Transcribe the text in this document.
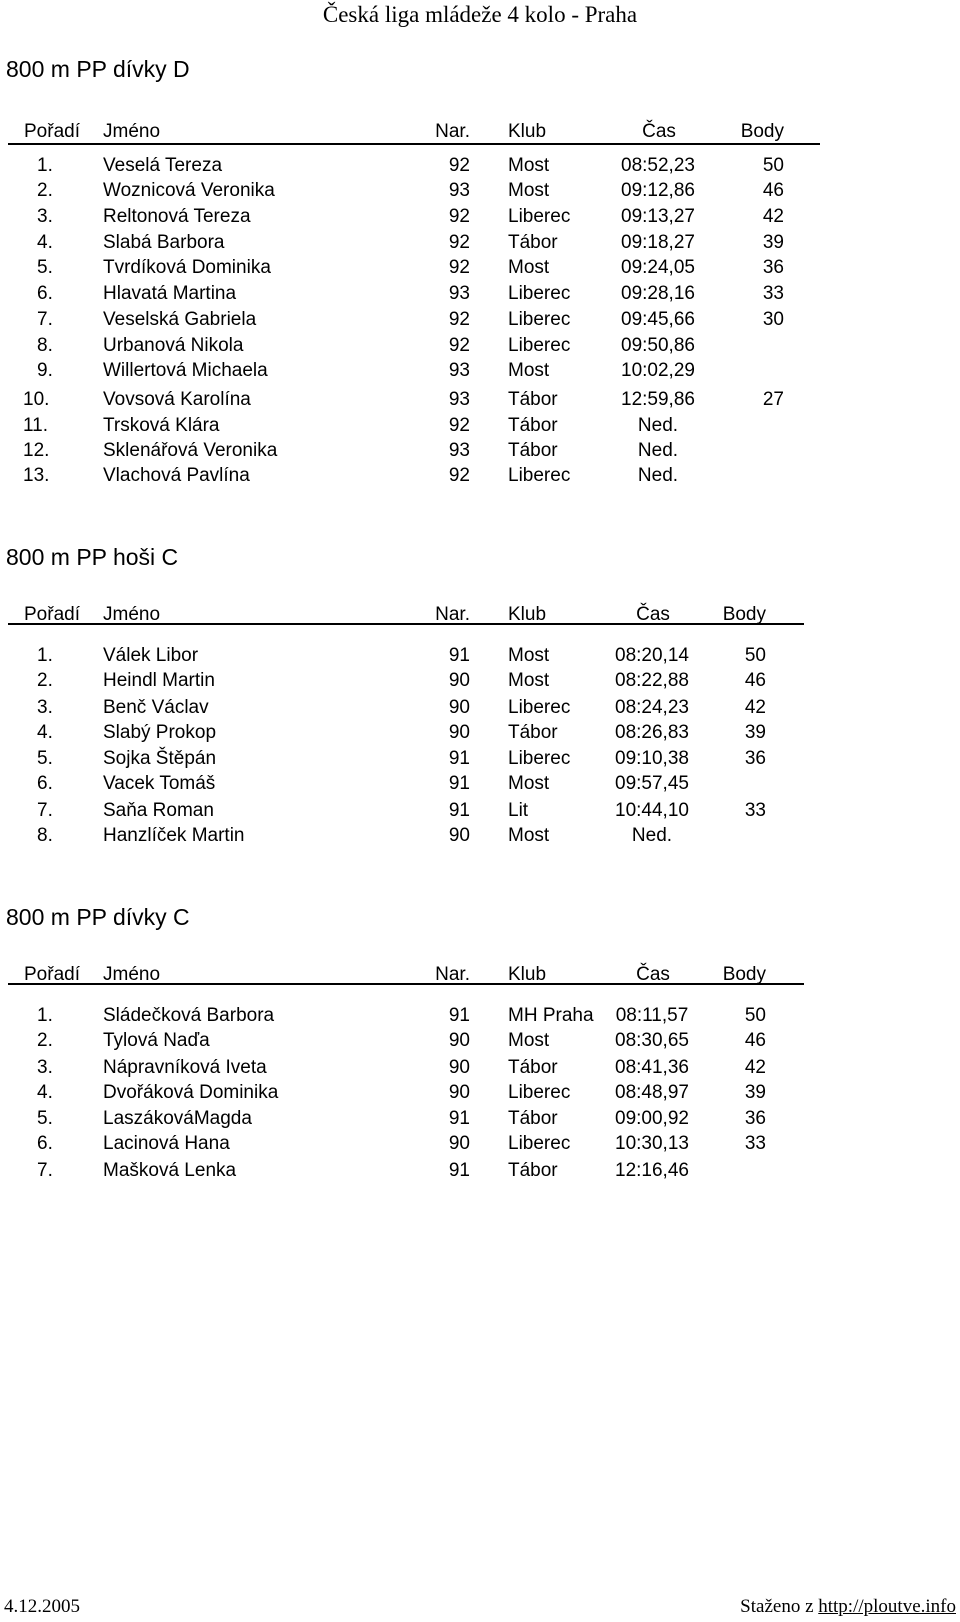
Česká liga mládeže 4 kolo - Praha
800 m PP dívky D
Pořadí Jméno	Nar. Klub	Čas	Body
1.	Veselá Tereza	92 Most	08:52,23	50
2.	Woznicová Veronika	93 Most	09:12,86	46
3.	Reltonová Tereza	92 Liberec	09:13,27	42
4.	Slabá Barbora	92 Tábor	09:18,27	39
5.	Tvrdíková Dominika	92 Most	09:24,05	36
6.	Hlavatá Martina	93 Liberec	09:28,16	33
7.	Veselská Gabriela	92 Liberec	09:45,66	30
8.	Urbanová Nikola	92 Liberec	09:50,86
9.	Willertová Michaela	93 Most	10:02,29
10.	Vovsová Karolína	93 Tábor	12:59,86	27
11.	Trsková Klára	92 Tábor	Ned.
12.	Sklenářová Veronika	93 Tábor	Ned.
13.	Vlachová Pavlína	92 Liberec	Ned.
800 m PP hoši C
Pořadí Jméno	Nar. Klub	Čas	Body
1.	Válek Libor	91 Most	08:20,14	50
2.	Heindl Martin	90 Most	08:22,88	46
3.	Benč Václav	90 Liberec	08:24,23	42
4.	Slabý Prokop	90 Tábor	08:26,83	39
5.	Sojka Štěpán	91 Liberec	09:10,38	36
6.	Vacek Tomáš	91 Most	09:57,45
7.	Saňa Roman	91 Lit	10:44,10	33
8.	Hanzlíček Martin	90 Most	Ned.
800 m PP dívky C
Pořadí Jméno	Nar. Klub	Čas	Body
1.	Sládečková Barbora	91 MH Praha	08:11,57	50
2.	Tylová Naďa	90 Most	08:30,65	46
3.	Nápravníková Iveta	90 Tábor	08:41,36	42
4.	Dvořáková Dominika	90 Liberec	08:48,97	39
5.	LaszákováMagda	91 Tábor	09:00,92	36
6.	Lacinová Hana	90 Liberec	10:30,13	33
7.	Mašková Lenka	91 Tábor	12:16,46
4.12.2005	Staženo z http://ploutve.info
